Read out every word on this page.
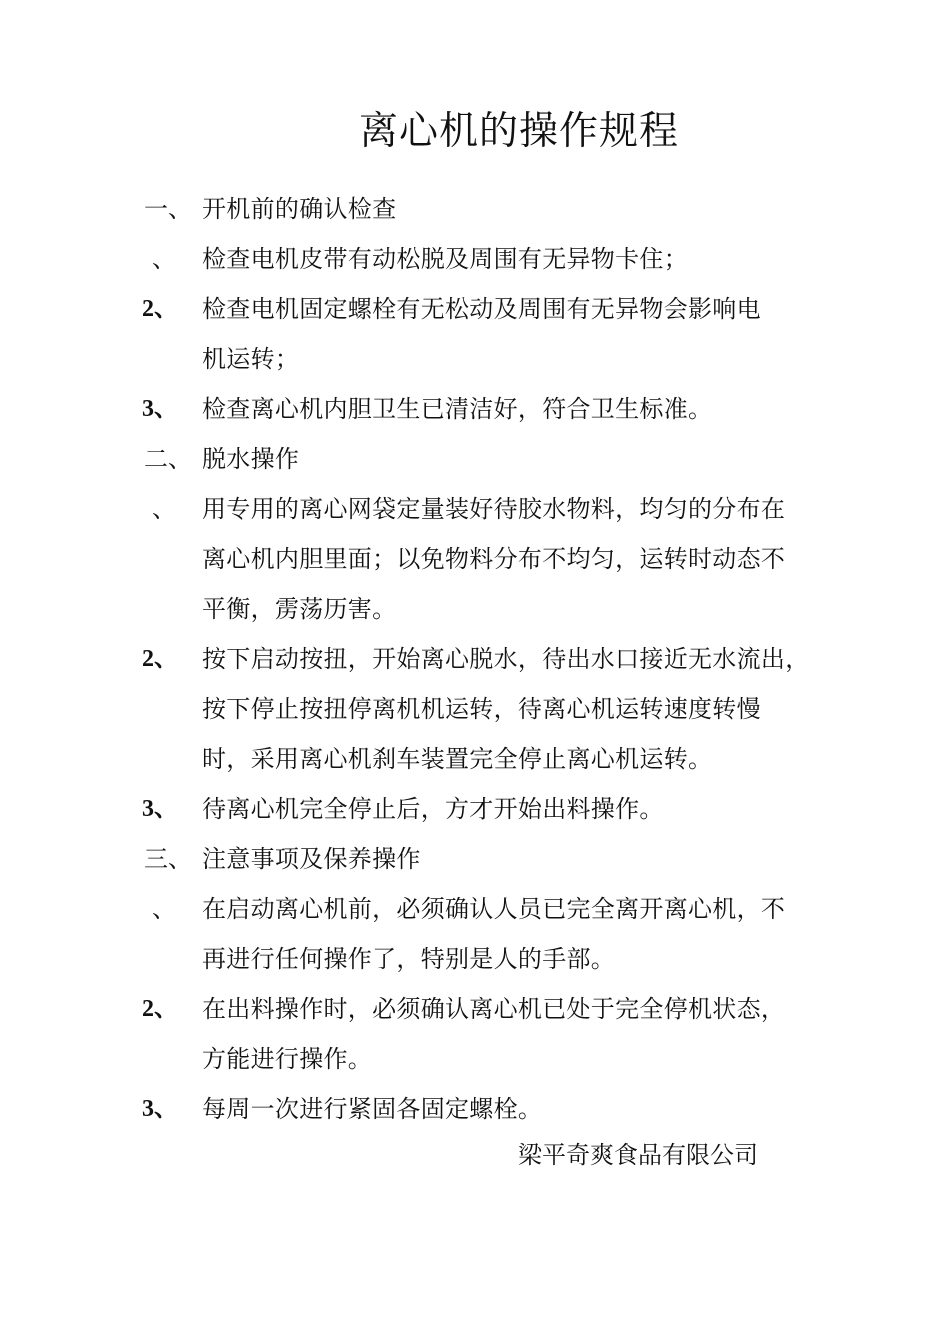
离心机的操作规程
一、 开机前的确认检查
、	检查电机皮带有动松脱及周围有无异物卡住；
2、	检查电机固定螺栓有无松动及周围有无异物会影响电
机运转；
3、	检查离心机内胆卫生已清洁好，符合卫生标准。
二、 脱水操作
、	用专用的离心网袋定量装好待胶水物料，均匀的分布在
离心机内胆里面；以免物料分布不均匀，运转时动态不
平衡，雳荡历害。
2、	按下启动按扭，开始离心脱水，待出水口接近无水流出，
按下停止按扭停离机机运转，待离心机运转速度转慢
时，采用离心机刹车装置完全停止离心机运转。
3、	待离心机完全停止后，方才开始出料操作。
三、 注意事项及保养操作
、	在启动离心机前，必须确认人员已完全离开离心机，不
再进行任何操作了，特别是人的手部。
2、	在出料操作时，必须确认离心机已处于完全停机状态，
方能进行操作。
3、	每周一次进行紧固各固定螺栓。
梁平奇爽食品有限公司
